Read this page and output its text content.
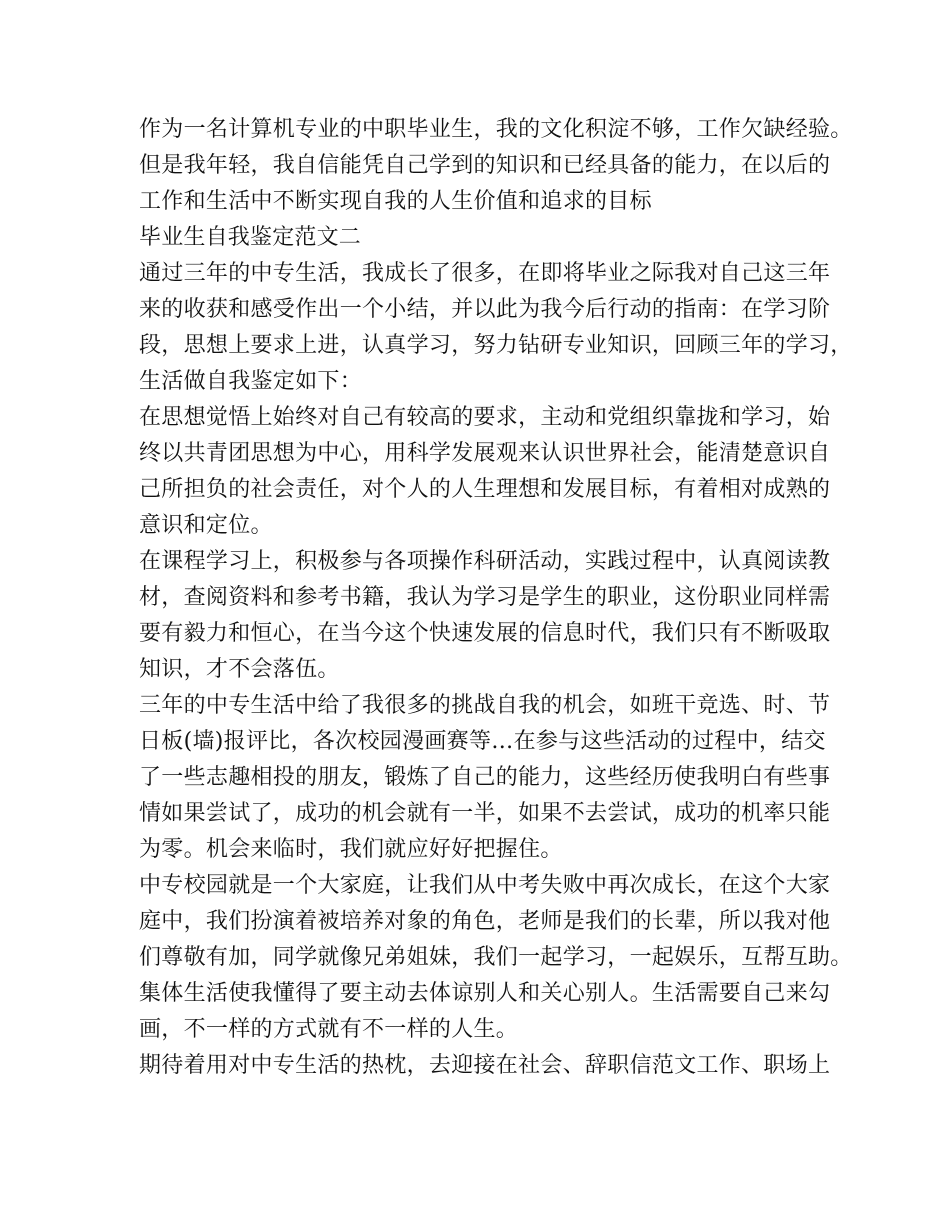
作为一名计算机专业的中职毕业生，我的文化积淀不够，工作欠缺经验。
但是我年轻，我自信能凭自己学到的知识和已经具备的能力，在以后的
工作和生活中不断实现自我的人生价值和追求的目标
毕业生自我鉴定范文二
通过三年的中专生活，我成长了很多，在即将毕业之际我对自己这三年
来的收获和感受作出一个小结，并以此为我今后行动的指南：在学习阶
段，思想上要求上进，认真学习，努力钻研专业知识，回顾三年的学习，
生活做自我鉴定如下：
在思想觉悟上始终对自己有较高的要求，主动和党组织靠拢和学习，始
终以共青团思想为中心，用科学发展观来认识世界社会，能清楚意识自
己所担负的社会责任，对个人的人生理想和发展目标，有着相对成熟的
意识和定位。
在课程学习上，积极参与各项操作科研活动，实践过程中，认真阅读教
材，查阅资料和参考书籍，我认为学习是学生的职业，这份职业同样需
要有毅力和恒心，在当今这个快速发展的信息时代，我们只有不断吸取
知识，才不会落伍。
三年的中专生活中给了我很多的挑战自我的机会，如班干竞选、时、节
日板(墙)报评比，各次校园漫画赛等…在参与这些活动的过程中，结交
了一些志趣相投的朋友，锻炼了自己的能力，这些经历使我明白有些事
情如果尝试了，成功的机会就有一半，如果不去尝试，成功的机率只能
为零。机会来临时，我们就应好好把握住。
中专校园就是一个大家庭，让我们从中考失败中再次成长，在这个大家
庭中，我们扮演着被培养对象的角色，老师是我们的长辈，所以我对他
们尊敬有加，同学就像兄弟姐妹，我们一起学习，一起娱乐，互帮互助。
集体生活使我懂得了要主动去体谅别人和关心别人。生活需要自己来勾
画，不一样的方式就有不一样的人生。
期待着用对中专生活的热枕，去迎接在社会、辞职信范文工作、职场上
